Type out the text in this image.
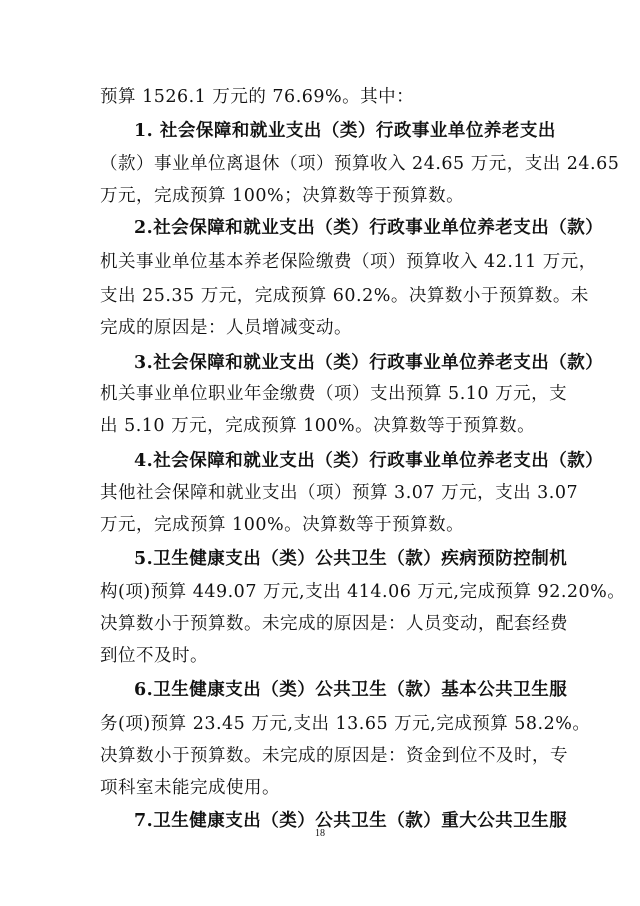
预算 1526.1 万元的 76.69%。其中：
1. 社会保障和就业支出（类）行政事业单位养老支出
（款）事业单位离退休（项）预算收入 24.65 万元，支出 24.65
万元，完成预算 100%；决算数等于预算数。
2.社会保障和就业支出（类）行政事业单位养老支出（款）
机关事业单位基本养老保险缴费（项）预算收入 42.11 万元，
支出 25.35 万元，完成预算 60.2%。决算数小于预算数。未
完成的原因是：人员增减变动。
3.社会保障和就业支出（类）行政事业单位养老支出（款）
机关事业单位职业年金缴费（项）支出预算 5.10 万元，支
出 5.10 万元，完成预算 100%。决算数等于预算数。
4.社会保障和就业支出（类）行政事业单位养老支出（款）
其他社会保障和就业支出（项）预算 3.07 万元，支出 3.07
万元，完成预算 100%。决算数等于预算数。
5.卫生健康支出（类）公共卫生（款）疾病预防控制机
构(项)预算 449.07 万元,支出 414.06 万元,完成预算 92.20%。
决算数小于预算数。未完成的原因是：人员变动，配套经费
到位不及时。
6.卫生健康支出（类）公共卫生（款）基本公共卫生服
务(项)预算 23.45 万元,支出 13.65 万元,完成预算 58.2%。
决算数小于预算数。未完成的原因是：资金到位不及时，专
项科室未能完成使用。
7.卫生健康支出（类）公共卫生（款）重大公共卫生服
18
